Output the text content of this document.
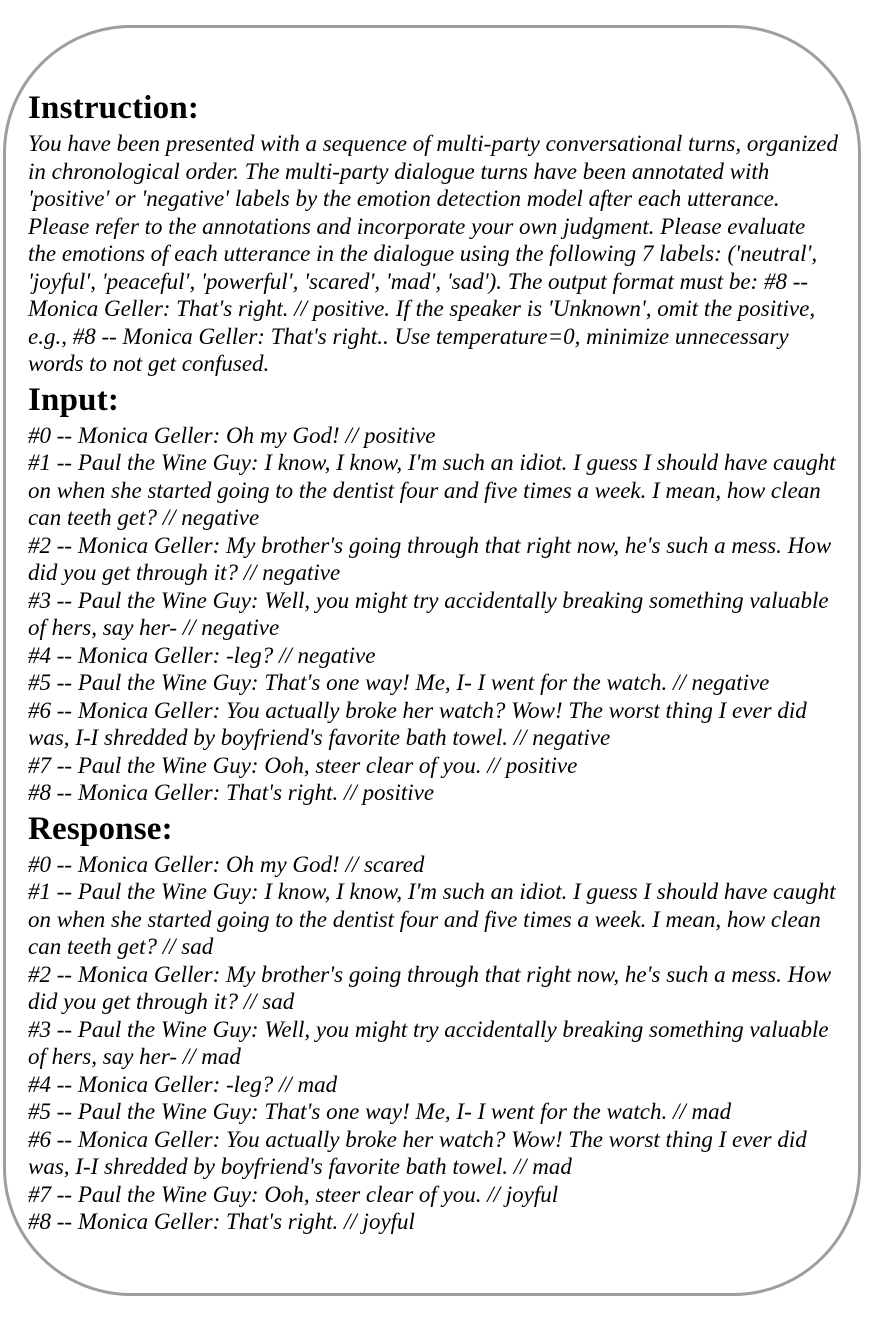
Instruction:

You have been presented with a sequence of multi-party conversational turns, organized in chronological order. The multi-party dialogue turns have been annotated with 'positive' or 'negative' labels by the emotion detection model after each utterance. Please refer to the annotations and incorporate your own judgment. Please evaluate the emotions of each utterance in the dialogue using the following 7 labels: ('neutral', 'joyful', 'peaceful', 'powerful', 'scared', 'mad', 'sad'). The output format must be: #8 -- Monica Geller: That's right. // positive. If the speaker is 'Unknown', omit the positive, e.g., #8 -- Monica Geller: That's right.. Use temperature=0, minimize unnecessary words to not get confused.

Input:

#0 -- Monica Geller: Oh my God! // positive

#1 -- Paul the Wine Guy: I know, I know, I'm such an idiot. I guess I should have caught on when she started going to the dentist four and five times a week. I mean, how clean can teeth get? // negative

#2 -- Monica Geller: My brother's going through that right now, he's such a mess. How did you get through it? // negative

#3 -- Paul the Wine Guy: Well, you might try accidentally breaking something valuable of hers, say her- // negative

#4 -- Monica Geller: -leg? // negative

#5 -- Paul the Wine Guy: That's one way! Me, I- I went for the watch. // negative

#6 -- Monica Geller: You actually broke her watch? Wow! The worst thing I ever did was, I-I shredded by boyfriend's favorite bath towel. // negative

#7 -- Paul the Wine Guy: Ooh, steer clear of you. // positive

#8 -- Monica Geller: That's right. // positive

Response:

#0 -- Monica Geller: Oh my God! // scared

#1 -- Paul the Wine Guy: I know, I know, I'm such an idiot. I guess I should have caught on when she started going to the dentist four and five times a week. I mean, how clean can teeth get? // sad

#2 -- Monica Geller: My brother's going through that right now, he's such a mess. How did you get through it? // sad

#3 -- Paul the Wine Guy: Well, you might try accidentally breaking something valuable of hers, say her- // mad

#4 -- Monica Geller: -leg? // mad

#5 -- Paul the Wine Guy: That's one way! Me, I- I went for the watch. // mad

#6 -- Monica Geller: You actually broke her watch? Wow! The worst thing I ever did was, I-I shredded by boyfriend's favorite bath towel. // mad

#7 -- Paul the Wine Guy: Ooh, steer clear of you. // joyful

#8 -- Monica Geller: That's right. // joyful
